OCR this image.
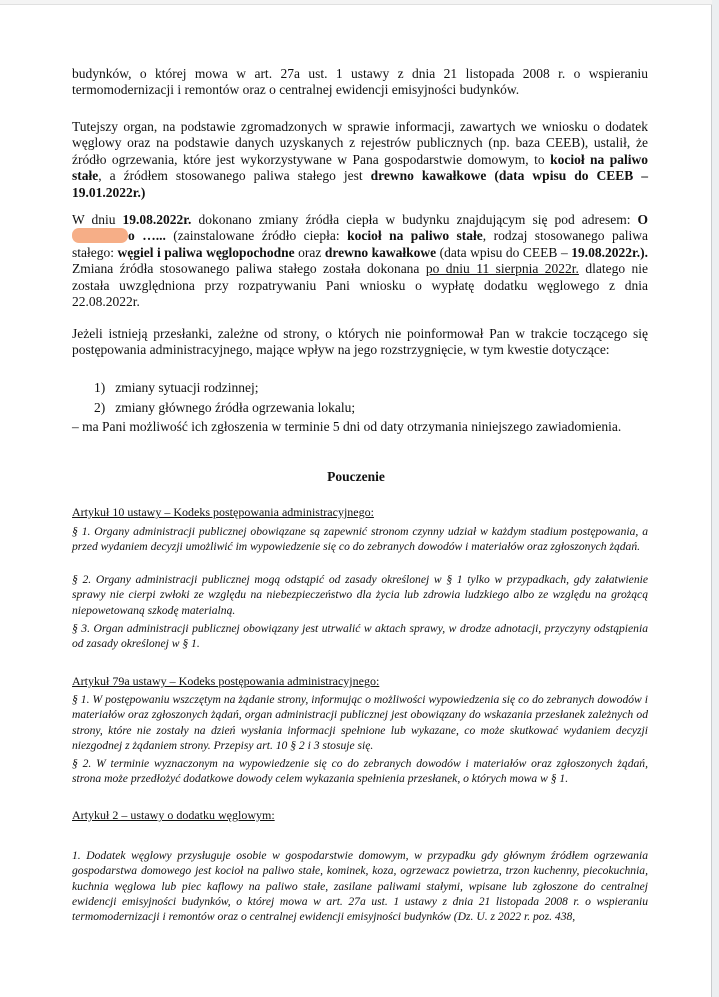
budynków, o której mowa w art. 27a ust. 1 ustawy z dnia 21 listopada 2008 r. o wspieraniu termomodernizacji i remontów oraz o centralnej ewidencji emisyjności budynków.

Tutejszy organ, na podstawie zgromadzonych w sprawie informacji, zawartych we wniosku o dodatek węglowy oraz na podstawie danych uzyskanych z rejestrów publicznych (np. baza CEEB), ustalił, że źródło ogrzewania, które jest wykorzystywane w Pana gospodarstwie domowym, to kocioł na paliwo stałe, a źródłem stosowanego paliwa stałego jest drewno kawałkowe (data wpisu do CEEB – 19.01.2022r.)

W dniu 19.08.2022r. dokonano zmiany źródła ciepła w budynku znajdującym się pod adresem: Oo …... (zainstalowane źródło ciepła: kocioł na paliwo stałe, rodzaj stosowanego paliwa stałego: węgiel i paliwa węglopochodne oraz drewno kawałkowe (data wpisu do CEEB – 19.08.2022r.). Zmiana źródła stosowanego paliwa stałego została dokonana po dniu 11 sierpnia 2022r. dlatego nie została uwzględniona przy rozpatrywaniu Pani wniosku o wypłatę dodatku węglowego z dnia 22.08.2022r.

Jeżeli istnieją przesłanki, zależne od strony, o których nie poinformował Pan w trakcie toczącego się postępowania administracyjnego, mające wpływ na jego rozstrzygnięcie, w tym kwestie dotyczące:

1) zmiany sytuacji rodzinnej;
2) zmiany głównego źródła ogrzewania lokalu;

– ma Pani możliwość ich zgłoszenia w terminie 5 dni od daty otrzymania niniejszego zawiadomienia.

Pouczenie
Artykuł 10 ustawy – Kodeks postępowania administracyjnego:
§ 1. Organy administracji publicznej obowiązane są zapewnić stronom czynny udział w każdym stadium postępowania, a przed wydaniem decyzji umożliwić im wypowiedzenie się co do zebranych dowodów i materiałów oraz zgłoszonych żądań.
§ 2. Organy administracji publicznej mogą odstąpić od zasady określonej w § 1 tylko w przypadkach, gdy załatwienie sprawy nie cierpi zwłoki ze względu na niebezpieczeństwo dla życia lub zdrowia ludzkiego albo ze względu na grożącą niepowetowaną szkodę materialną.
§ 3. Organ administracji publicznej obowiązany jest utrwalić w aktach sprawy, w drodze adnotacji, przyczyny odstąpienia od zasady określonej w § 1.
Artykuł 79a ustawy – Kodeks postępowania administracyjnego:
§ 1. W postępowaniu wszczętym na żądanie strony, informując o możliwości wypowiedzenia się co do zebranych dowodów i materiałów oraz zgłoszonych żądań, organ administracji publicznej jest obowiązany do wskazania przesłanek zależnych od strony, które nie zostały na dzień wysłania informacji spełnione lub wykazane, co może skutkować wydaniem decyzji niezgodnej z żądaniem strony. Przepisy art. 10 § 2 i 3 stosuje się.
§ 2. W terminie wyznaczonym na wypowiedzenie się co do zebranych dowodów i materiałów oraz zgłoszonych żądań, strona może przedłożyć dodatkowe dowody celem wykazania spełnienia przesłanek, o których mowa w § 1.
Artykuł 2 – ustawy o dodatku węglowym:
1. Dodatek węglowy przysługuje osobie w gospodarstwie domowym, w przypadku gdy głównym źródłem ogrzewania gospodarstwa domowego jest kocioł na paliwo stałe, kominek, koza, ogrzewacz powietrza, trzon kuchenny, piecokuchnia, kuchnia węglowa lub piec kaflowy na paliwo stałe, zasilane paliwami stałymi, wpisane lub zgłoszone do centralnej ewidencji emisyjności budynków, o której mowa w art. 27a ust. 1 ustawy z dnia 21 listopada 2008 r. o wspieraniu termomodernizacji i remontów oraz o centralnej ewidencji emisyjności budynków (Dz. U. z 2022 r. poz. 438,
